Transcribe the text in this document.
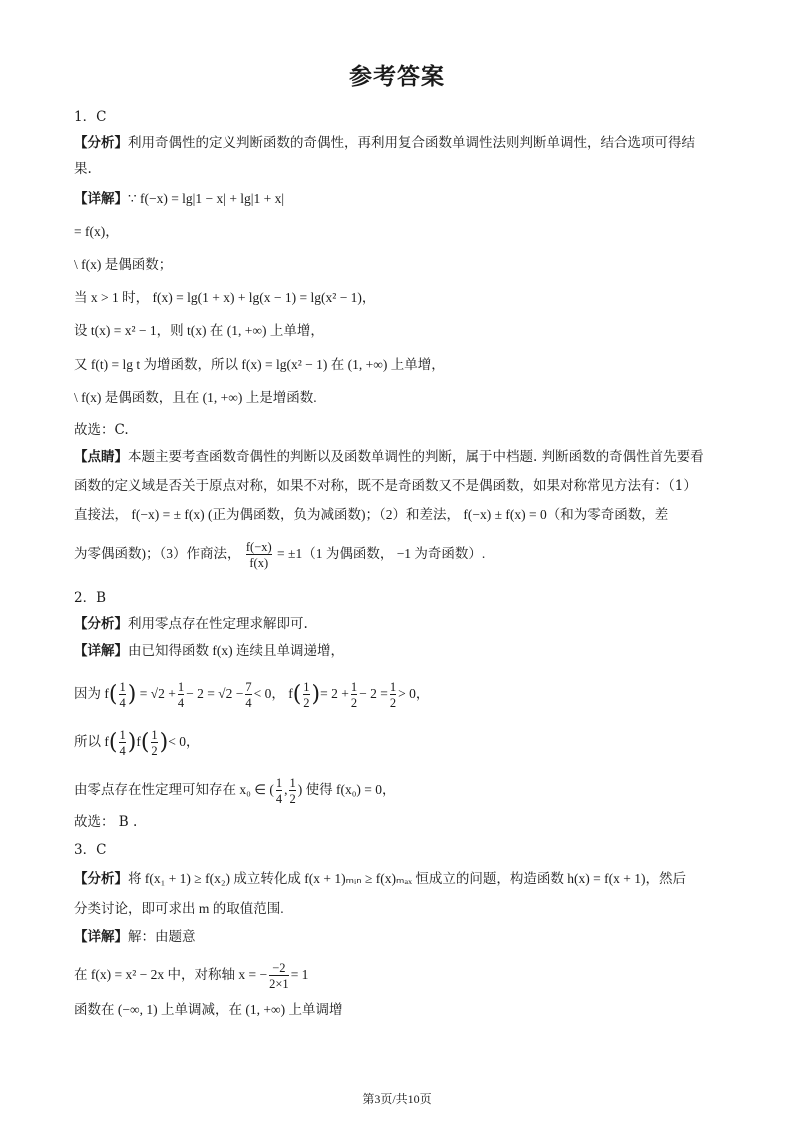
参考答案
1．C
【分析】利用奇偶性的定义判断函数的奇偶性，再利用复合函数单调性法则判断单调性，结合选项可得结
果.
【详解】∵ f(−x) = lg|1 − x| + lg|1 + x|
= f(x)，
\ f(x) 是偶函数；
当 x > 1 时， f(x) = lg(1 + x) + lg(x − 1) = lg(x² − 1)，
设 t(x) = x² − 1，则 t(x) 在 (1, +∞) 上单增，
又 f(t) = lg t 为增函数，所以 f(x) = lg(x² − 1) 在 (1, +∞) 上单增，
\ f(x) 是偶函数，且在 (1, +∞) 上是增函数.
故选：C.
【点睛】本题主要考查函数奇偶性的判断以及函数单调性的判断，属于中档题. 判断函数的奇偶性首先要看
函数的定义域是否关于原点对称，如果不对称，既不是奇函数又不是偶函数，如果对称常见方法有：（1）
直接法， f(−x) = ± f(x) (正为偶函数，负为减函数)；（2）和差法， f(−x) ± f(x) = 0（和为零奇函数，差
为零偶函数)；（3）作商法， $\frac{f(-x)}{f(x)} = \pm 1(1$ 为偶函数， −1 为奇函数）.
2．B
【分析】利用零点存在性定理求解即可.
【详解】由已知得函数 f(x) 连续且单调递增，
因为 $f( \frac{1}{4}$ ) = $√2 + \frac{1}{4} - 2 = √2 - \frac{7}{4} < 0$， $f( \frac{1}{2}$ )= $2 + \frac{1}{2} - 2 = \frac{1}{2} > 0$，
所以 $f( \frac{1}{4} )f( \frac{1}{2}$ )< 0，
由零点存在性定理可知存在 x₀ ∈ ( $\frac{1}{4}$ , $\frac{1}{2}$ ) 使得 f(x₀) = 0，
故选： B .
3．C
【分析】将 f(x₁ + 1) ≥ f(x₂) 成立转化成 f(x + 1)ₘᵢₙ ≥ f(x)ₘₐₓ 恒成立的问题，构造函数 h(x) = f(x + 1)，然后
分类讨论，即可求出 m 的取值范围.
【详解】解：由题意
在 f(x) = x² − 2x 中，对称轴 x = − $\frac{-2}{2\times 1} = 1$
函数在 (−∞, 1) 上单调减，在 (1, +∞) 上单调增
第3页/共10页
